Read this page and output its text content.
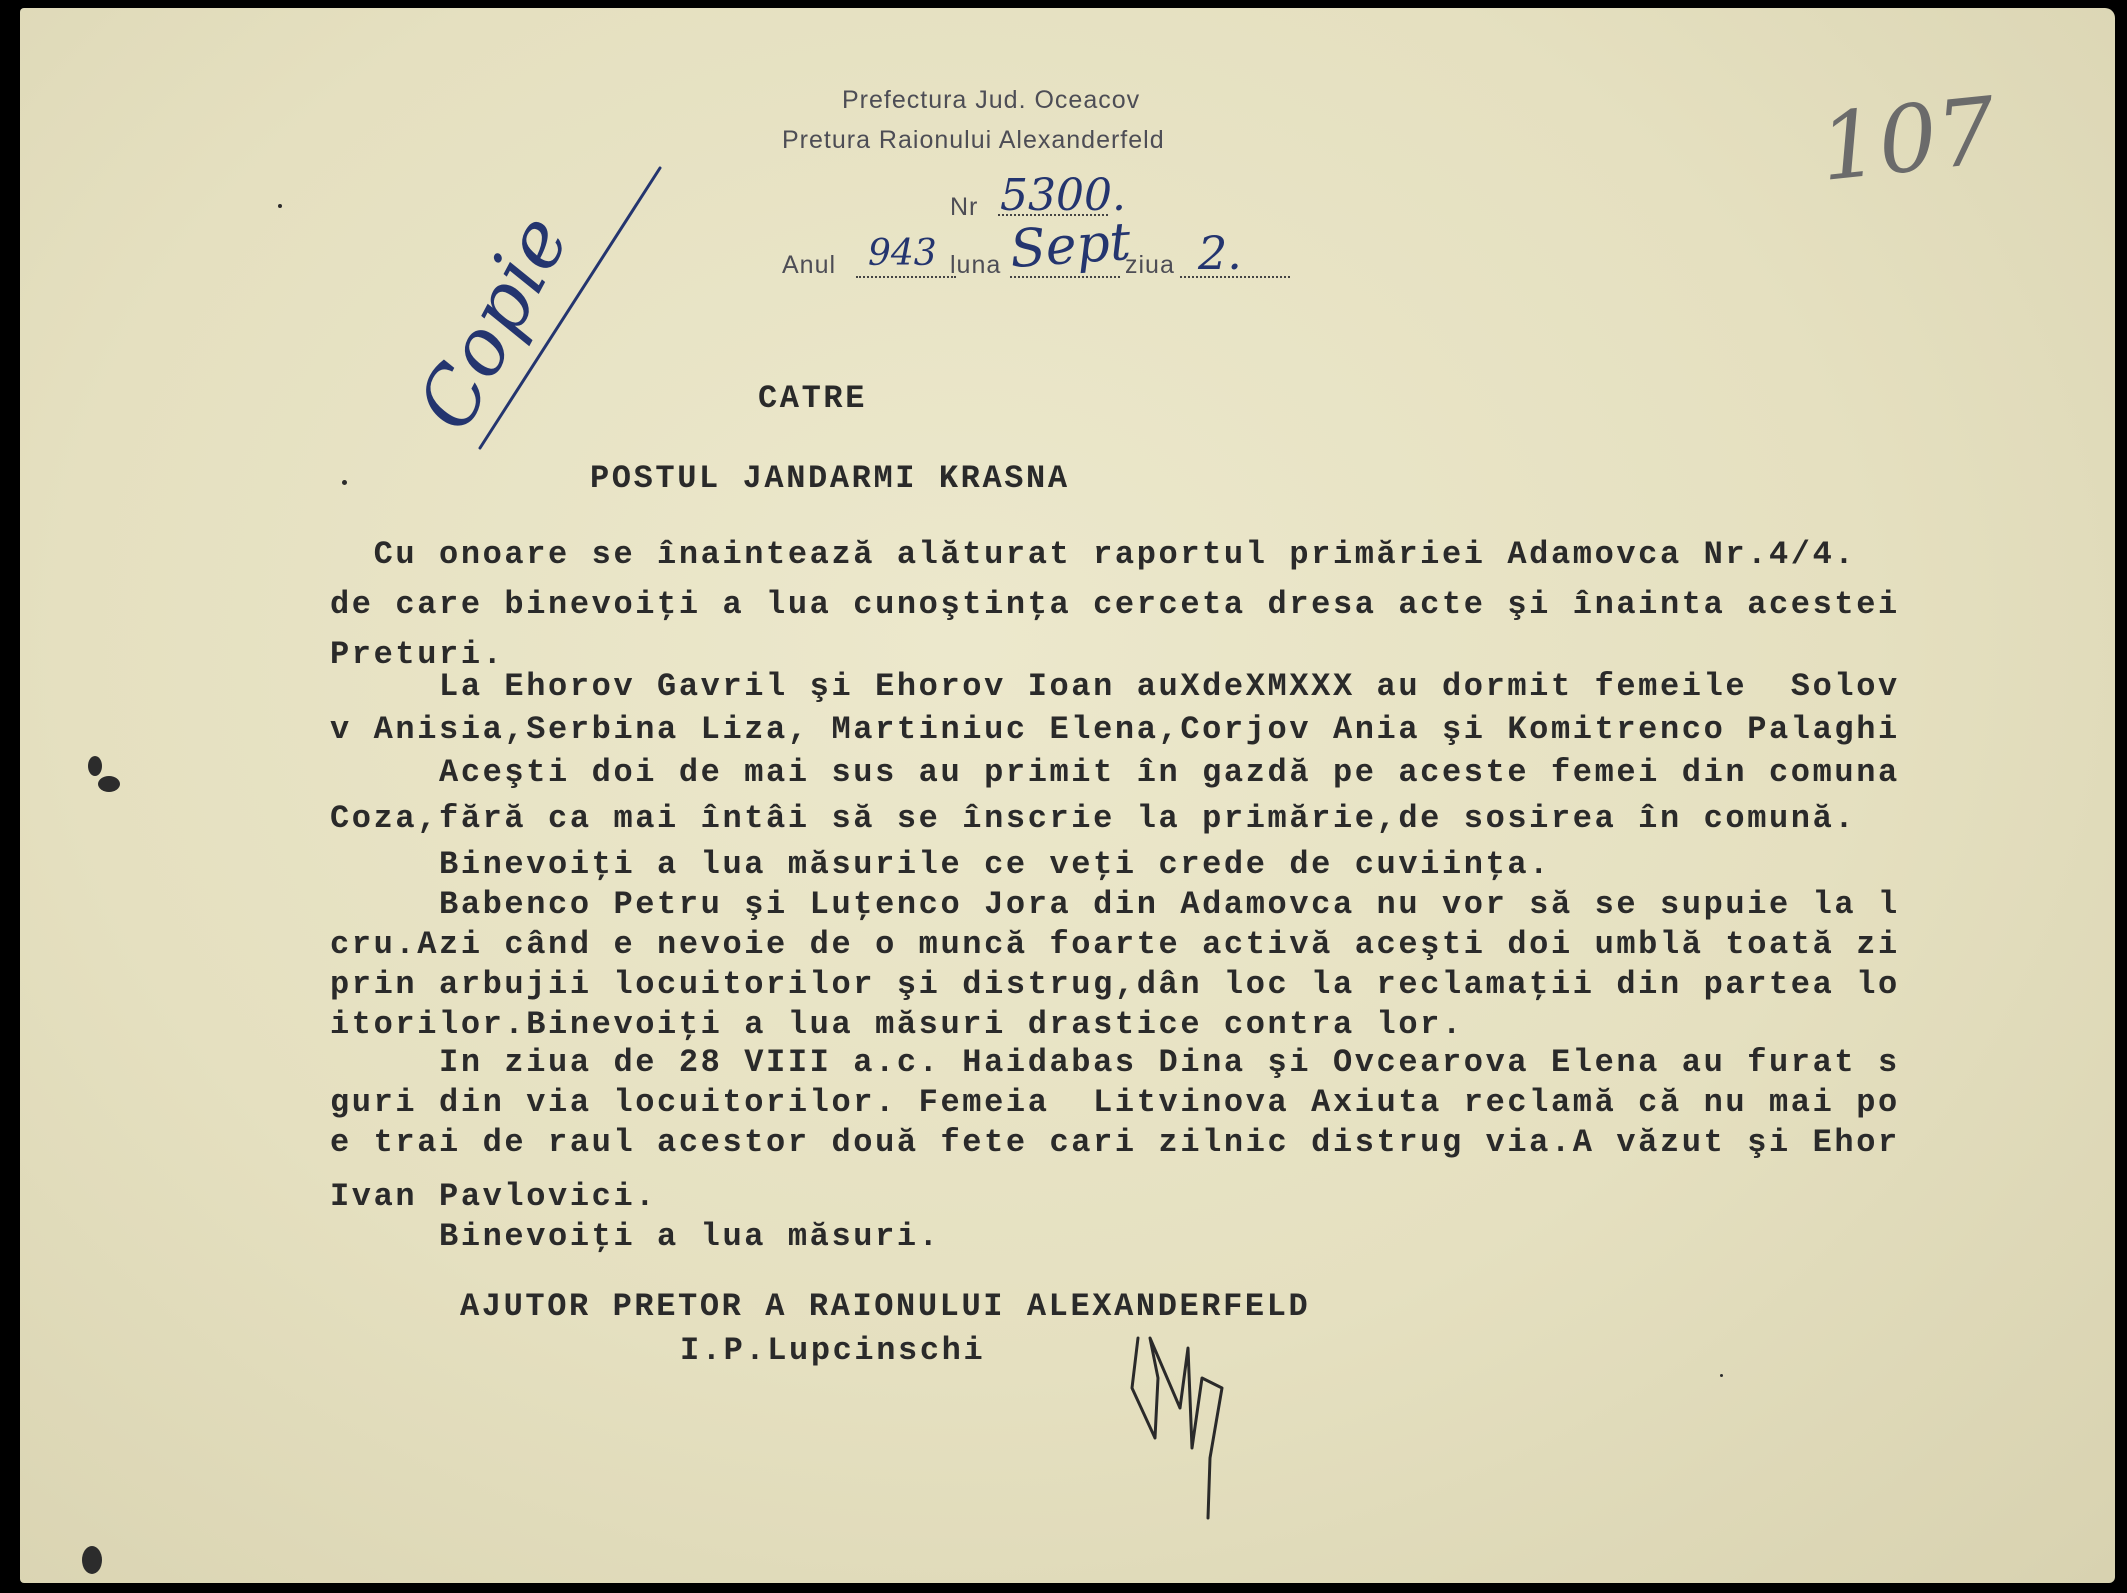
Prefectura Jud. Oceacov
Pretura Raionului Alexanderfeld
Nr 5300.
Anul 943 luna Sept
ziua 2.
107
Copie	CATRE
POSTUL JANDARMI KRASNA
Cu onoare se înaintează alăturat raportul primăriei Adamovca Nr.4/4.
de care binevoiţi a lua cunoştinţa cerceta dresa acte şi înainta acestei
Preturi.
La Ehorov Gavril şi Ehorov Ioan auXdeXMXXX au dormit femeile  Solov
v Anisia,Serbina Liza, Martiniuc Elena,Corjov Ania şi Komitrenco Palaghi
Aceşti doi de mai sus au primit în gazdă pe aceste femei din comuna
Coza,fără ca mai întâi să se înscrie la primărie,de sosirea în comună.
Binevoiţi a lua măsurile ce veţi crede de cuviinţa.
Babenco Petru şi Luţenco Jora din Adamovca nu vor să se supuie la l
cru.Azi când e nevoie de o muncă foarte activă aceşti doi umblă toată zi
prin arbujii locuitorilor şi distrug,dân loc la reclamaţii din partea lo
itorilor.Binevoiţi a lua măsuri drastice contra lor.
In ziua de 28 VIII a.c. Haidabas Dina şi Ovcearova Elena au furat s
guri din via locuitorilor. Femeia  Litvinova Axiuta reclamă că nu mai po
e trai de raul acestor două fete cari zilnic distrug via.A văzut şi Ehor
Ivan Pavlovici.
Binevoiţi a lua măsuri.
AJUTOR PRETOR A RAIONULUI ALEXANDERFELD
I.P.Lupcinschi
